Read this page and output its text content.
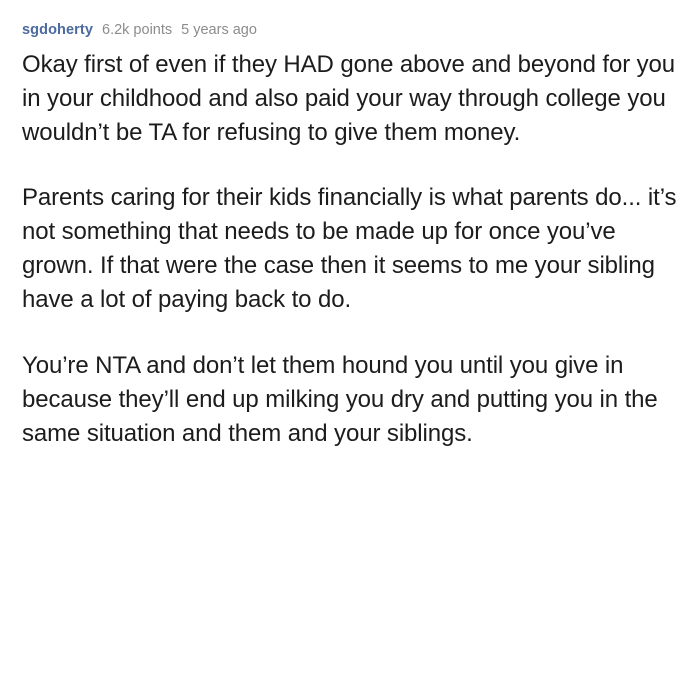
sgdoherty 6.2k points 5 years ago

Okay first of even if they HAD gone above and beyond for you in your childhood and also paid your way through college you wouldn’t be TA for refusing to give them money.

Parents caring for their kids financially is what parents do... it’s not something that needs to be made up for once you’ve grown. If that were the case then it seems to me your sibling have a lot of paying back to do.

You’re NTA and don’t let them hound you until you give in because they’ll end up milking you dry and putting you in the same situation and them and your siblings.
